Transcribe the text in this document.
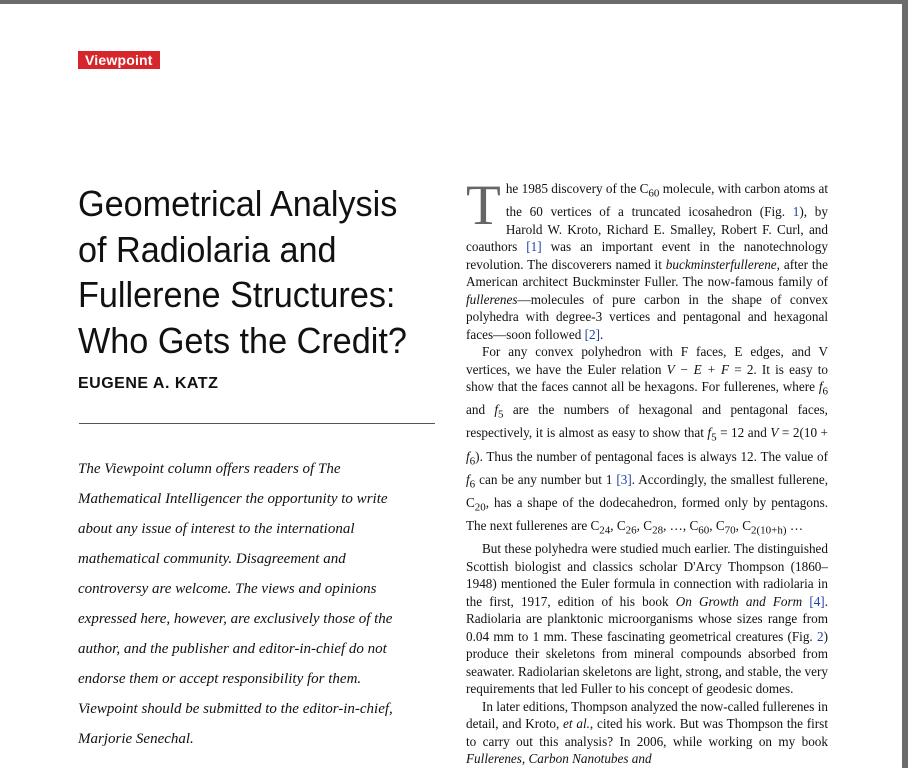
Viewpoint
Geometrical Analysis
of Radiolaria and
Fullerene Structures:
Who Gets the Credit?
EUGENE A. KATZ
The Viewpoint column offers readers of The
Mathematical Intelligencer the opportunity to write
about any issue of interest to the international
mathematical community. Disagreement and
controversy are welcome. The views and opinions
expressed here, however, are exclusively those of the
author, and the publisher and editor-in-chief do not
endorse them or accept responsibility for them.
Viewpoint should be submitted to the editor-in-chief,
Marjorie Senechal.

The 1985 discovery of the $C_{60}$ molecule, with carbon atoms at the 60 vertices of a truncated icosahedron (Fig. 1), by Harold W. Kroto, Richard E. Smalley, Robert F. Curl, and coauthors [1] was an important event in the nanotechnology revolution. The discoverers named it buckminsterfullerene, after the American architect Buckminster Fuller. The now-famous family of fullerenes—molecules of pure carbon in the shape of convex polyhedra with degree-3 vertices and pentagonal and hexagonal faces—soon followed [2].

For any convex polyhedron with F faces, E edges, and V vertices, we have the Euler relation V − E + F = 2. It is easy to show that the faces cannot all be hexagons. For fullerenes, where $f_6$ and $f_5$ are the numbers of hexagonal and pentagonal faces, respectively, it is almost as easy to show that $f_5 = 12$ and $V = 2(10 + f_6)$. Thus the number of pentagonal faces is always 12. The value of $f_6$ can be any number but 1 [3]. Accordingly, the smallest fullerene, $C_{20}$, has a shape of the dodecahedron, formed only by pentagons. The next fullerenes are $C_{24}$, $C_{26}$, $C_{28}$, …, $C_{60}$, $C_{70}$, $C_{2(10+h)}$ …

But these polyhedra were studied much earlier. The distinguished Scottish biologist and classics scholar D'Arcy Thompson (1860–1948) mentioned the Euler formula in connection with radiolaria in the first, 1917, edition of his book On Growth and Form [4]. Radiolaria are planktonic microorganisms whose sizes range from 0.04 mm to 1 mm. These fascinating geometrical creatures (Fig. 2) produce their skeletons from mineral compounds absorbed from seawater. Radiolarian skeletons are light, strong, and stable, the very requirements that led Fuller to his concept of geodesic domes.

In later editions, Thompson analyzed the now-called fullerenes in detail, and Kroto, et al., cited his work. But was Thompson the first to carry out this analysis? In 2006, while working on my book Fullerenes, Carbon Nanotubes and
